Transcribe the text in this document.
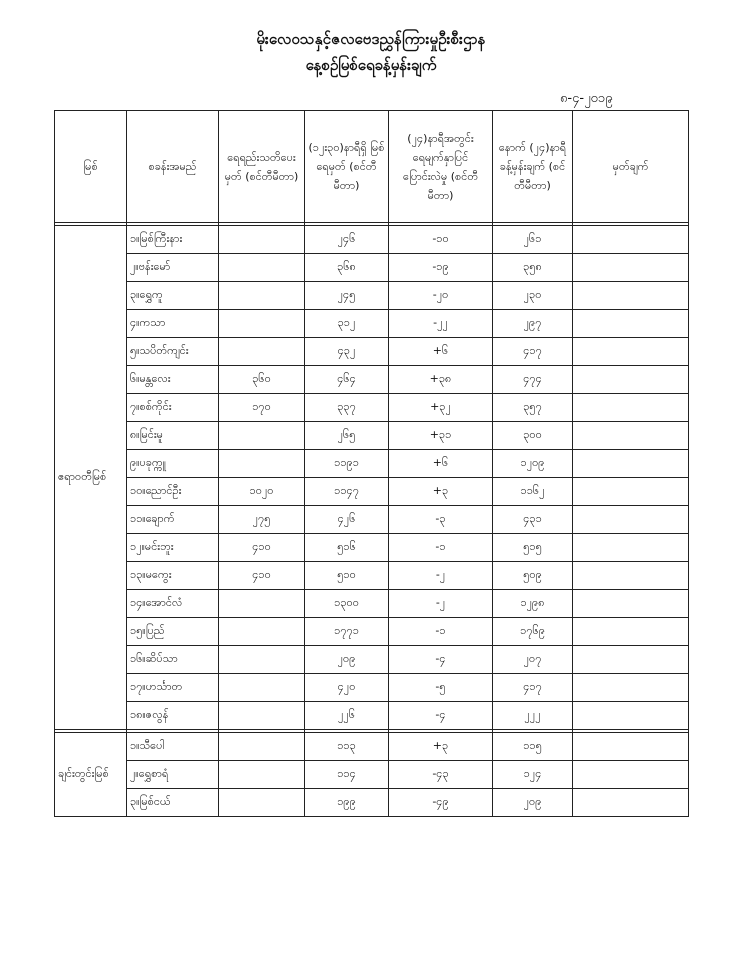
မိုးလေဝသနှင့်ဇလဗေဒညွှန်ကြားမှုဦးစီးဌာန
နေ့စဉ်မြစ်ရေခန့်မှန်းချက်
၈-၄-၂၀၁၉
မြစ်	စခန်းအမည်	ရေရည်းသတိပေးမှတ် (စင်တီမီတာ)	(၁၂း၃၀)နာရီရှိ မြစ်ရေမှတ် (စင်တီမီတာ)	(၂၄)နာရီအတွင်း ရေမျက်နှာပြင် ပြောင်းလဲမှု (စင်တီမီတာ)	နောက် (၂၄)နာရီ ခန့်မှန်းချက် (စင်တီမီတာ)	မှတ်ချက်

ဧရာဝတီမြစ်	၁။မြစ်ကြီးနား		၂၄၆	-၁၀	၂၆၁	
	၂။ဗန်းမော်		၃၆၈	-၁၉	၃၅၈	
	၃။ရွှေကူ		၂၄၅	-၂၀	၂၃၀	
	၄။ကသာ		၃၁၂	-၂၂	၂၉၇	
	၅။သပိတ်ကျင်း		၄၃၂	+၆	၄၁၇	
	၆။မန္တလေး	၃၆၀	၄၆၄	+၃၈	၄၇၄	
	၇။စစ်ကိုင်း	၁၇၀	၃၃၇	+၃၂	၃၅၇	
	၈။မြင်းမူ		၂၆၅	+၃၁	၃၀၀	
	၉။ပခုက္ကူ		၁၁၉၁	+၆	၁၂၀၉	
	၁၀။ညောင်ဦး	၁၀၂၀	၁၁၄၇	+၃	၁၁၆၂	
	၁၁။ချောက်	၂၇၅	၄၂၆	-၃	၄၃၁	
	၁၂။မင်းဘူး	၄၁၀	၅၁၆	-၁	၅၁၅	
	၁၃။မကွေး	၄၁၀	၅၁၀	-၂	၅၀၉	
	၁၄။အောင်လံ		၁၃၀၀	-၂	၁၂၉၈	
	၁၅။ပြည်		၁၇၇၁	-၁	၁၇၆၉	
	၁၆။ဆိပ်သာ		၂၀၉	-၄	၂၀၇	
	၁၇။ဟင်္သာတ		၄၂၀	-၅	၄၁၇	
	၁၈။ဇလွန်		၂၂၆	-၄	၂၂၂	

ချင်းတွင်းမြစ်	၁။သီပေါ		၁၁၃	+၃	၁၁၅	
	၂။ရွှေစာရံ		၁၁၄	-၄၃	၁၂၄	
	၃။မြစ်ငယ်		၁၉၉	-၄၉	၂၀၉	
